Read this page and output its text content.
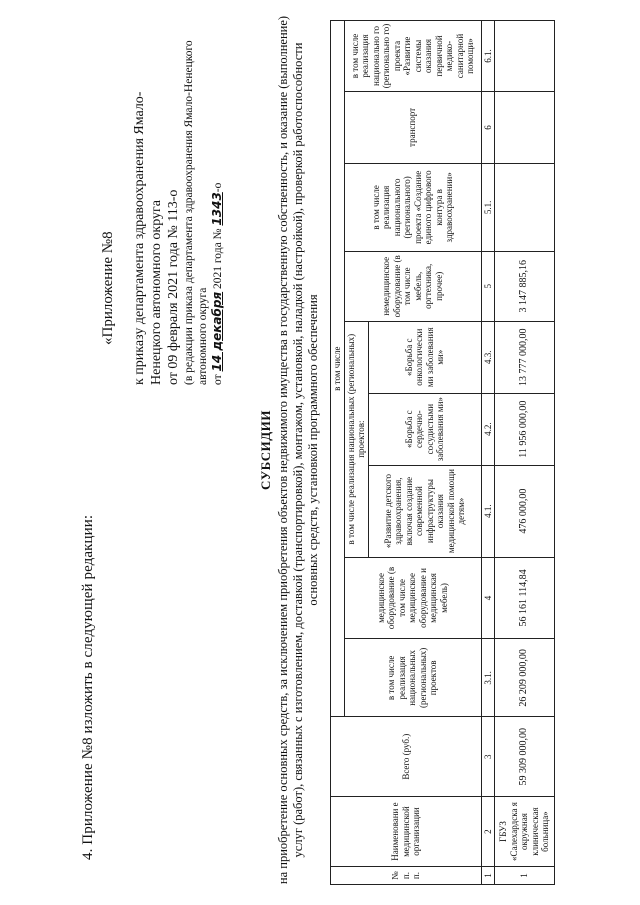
4. Приложение №8 изложить в следующей редакции:
«Приложение №8 к приказу департамента здравоохранения Ямало-Ненецкого автономного округа от 09 февраля 2021 года № 113-о (в редакции приказа департамента здравоохранения Ямало-Ненецкого автономного округа от 14 декабря 2021 года № 1343-о
СУБСИДИИ на приобретение основных средств, за исключением приобретения объектов недвижимого имущества в государственную собственность, и оказание (выполнение) услуг (работ), связанных с изготовлением, доставкой (транспортировкой), монтажом, установкой, наладкой (настройкой), проверкой работоспособности основных средств, установкой программного обеспечения
№ п. п.	Наименовани е медицинской организации	Всего (руб.)	в том числе								
			в том числе реализация национальных (региональных) проектов	медицинское оборудование (в том числе медицинское оборудование и медицинская мебель)	в том числе реализация национальных (региональных) проектов:			немедицинское оборудование (в том числе мебель, оргтехника, прочее)	в том числе реализация национального (регионального) проекта «Создание единого цифрового контура в здравоохранении»	транспорт	в том числе реализация национально го (регионально го) проекта «Развитие системы оказания первичной медико-санитарной помощи»
					«Развитие детского здравоохранения, включая создание современной инфраструктуры оказания медицинской помощи детям»	«Борьба с сердечно-сосудистыми заболевания ми»	«Борьба с онкологически ми заболевания ми»				
1	2	3	3.1.	4	4.1.	4.2.	4.3.	5	5.1.	6	6.1.
1	ГБУЗ «Салехардска я окружная клиническая больница»	59 309 000,00	26 209 000,00	56 161 114,84	476 000,00	11 956 000,00	13 777 000,00	3 147 885,16			
